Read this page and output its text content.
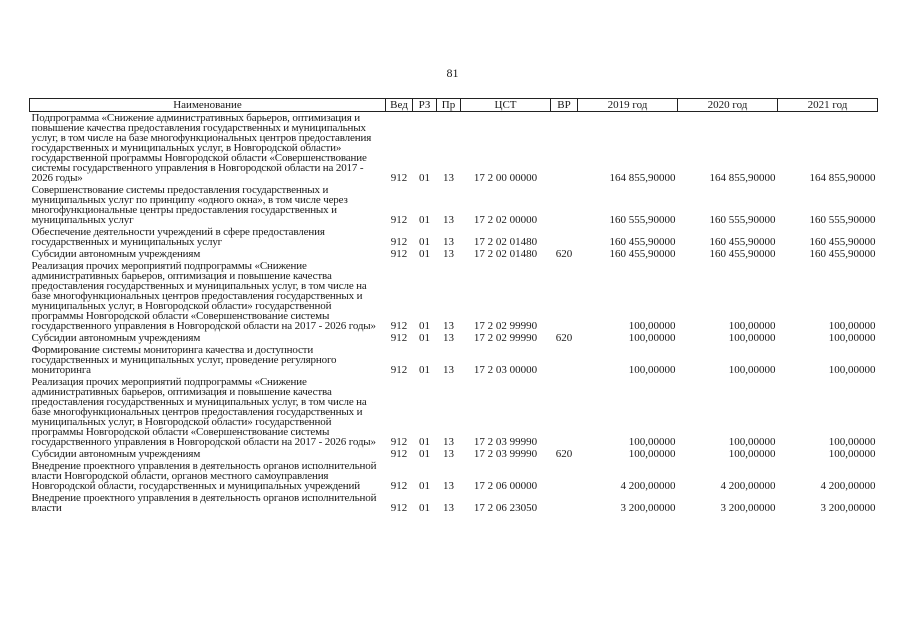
81
Наименование	Вед	РЗ	Пр	ЦСТ	ВР	2019 год	2020 год	2021 год
Подпрограмма «Снижение административных барьеров, оптимизация и повышение качества предоставления государственных и муниципальных услуг, в том числе на базе многофункциональных центров предоставления государственных и муниципальных услуг, в Новгородской области» государственной программы Новгородской области «Совершенствование системы государственного управления в Новгородской области на 2017 - 2026 годы»	912	01	13	17 2 00 00000		164 855,90000	164 855,90000	164 855,90000
Совершенствование системы предоставления государственных и муниципальных услуг по принципу «одного окна», в том числе через многофункциональные центры предоставления государственных и муниципальных услуг	912	01	13	17 2 02 00000		160 555,90000	160 555,90000	160 555,90000
Обеспечение деятельности учреждений в сфере предоставления государственных и муниципальных услуг	912	01	13	17 2 02 01480		160 455,90000	160 455,90000	160 455,90000
Субсидии автономным учреждениям	912	01	13	17 2 02 01480	620	160 455,90000	160 455,90000	160 455,90000
Реализация прочих мероприятий подпрограммы «Снижение административных барьеров, оптимизация и повышение качества предоставления государственных и муниципальных услуг, в том числе на базе многофункциональных центров предоставления государственных и муниципальных услуг, в Новгородской области» государственной программы Новгородской области «Совершенствование системы государственного управления в Новгородской области на 2017 - 2026 годы»	912	01	13	17 2 02 99990		100,00000	100,00000	100,00000
Субсидии автономным учреждениям	912	01	13	17 2 02 99990	620	100,00000	100,00000	100,00000
Формирование системы мониторинга качества и доступности государственных и муниципальных услуг, проведение регулярного мониторинга	912	01	13	17 2 03 00000		100,00000	100,00000	100,00000
Реализация прочих мероприятий подпрограммы «Снижение административных барьеров, оптимизация и повышение качества предоставления государственных и муниципальных услуг, в том числе на базе многофункциональных центров предоставления государственных и муниципальных услуг, в Новгородской области» государственной программы Новгородской области «Совершенствование системы государственного управления в Новгородской области на 2017 - 2026 годы»	912	01	13	17 2 03 99990		100,00000	100,00000	100,00000
Субсидии автономным учреждениям	912	01	13	17 2 03 99990	620	100,00000	100,00000	100,00000
Внедрение проектного управления в деятельность органов исполнительной власти Новгородской области, органов местного самоуправления Новгородской области, государственных и муниципальных учреждений	912	01	13	17 2 06 00000		4 200,00000	4 200,00000	4 200,00000
Внедрение проектного управления в деятельность органов исполнительной власти	912	01	13	17 2 06 23050		3 200,00000	3 200,00000	3 200,00000
